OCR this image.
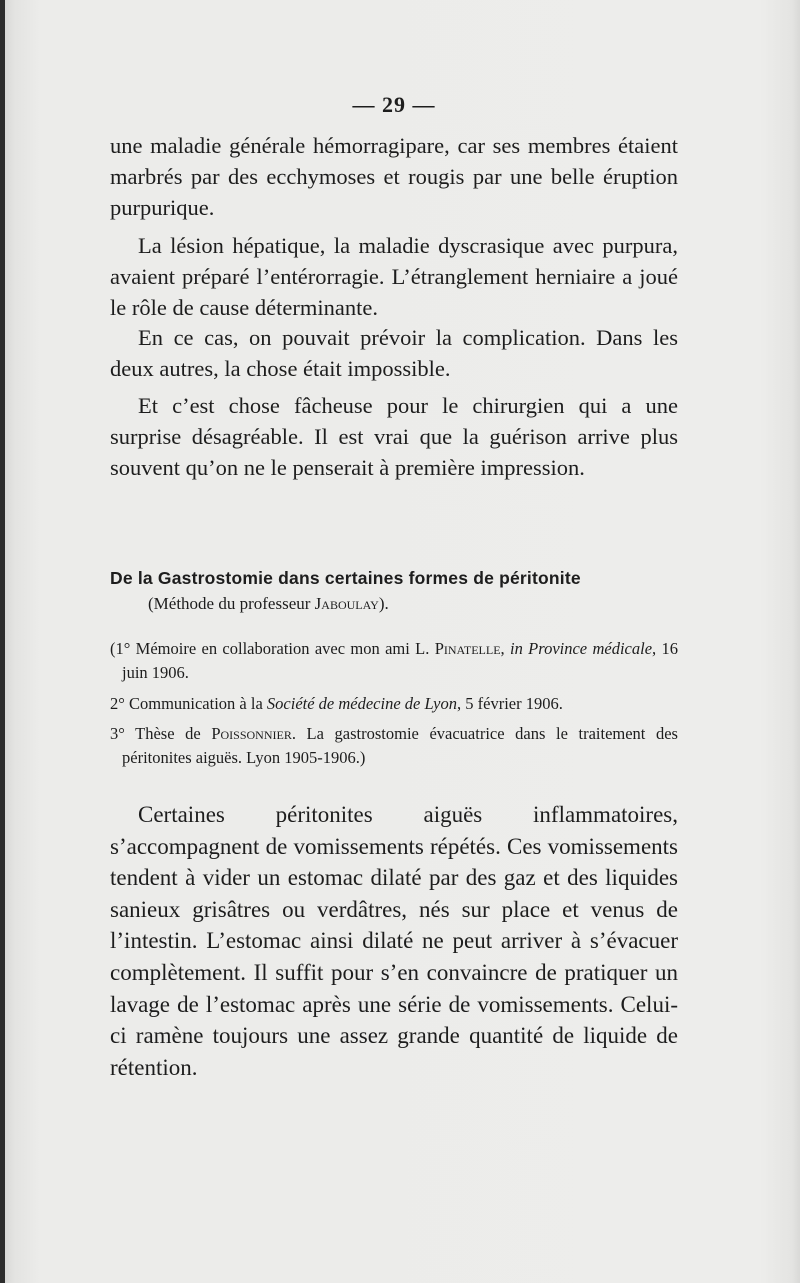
— 29 —

une maladie générale hémorragipare, car ses membres étaient marbrés par des ecchymoses et rougis par une belle éruption purpurique.

La lésion hépatique, la maladie dyscrasique avec purpura, avaient préparé l’entérorragie. L’étranglement herniaire a joué le rôle de cause déterminante.

En ce cas, on pouvait prévoir la complication. Dans les deux autres, la chose était impossible.

Et c’est chose fâcheuse pour le chirurgien qui a une surprise désagréable. Il est vrai que la guérison arrive plus souvent qu’on ne le penserait à première impression.

De la Gastrostomie dans certaines formes de péritonite
(Méthode du professeur Jaboulay).

(1° Mémoire en collaboration avec mon ami L. Pinatelle, in Province médicale, 16 juin 1906.

2° Communication à la Société de médecine de Lyon, 5 février 1906.

3° Thèse de Poissonnier. La gastrostomie évacuatrice dans le traitement des péritonites aiguës. Lyon 1905-1906.)

Certaines péritonites aiguës inflammatoires, s’accompagnent de vomissements répétés. Ces vomissements tendent à vider un estomac dilaté par des gaz et des liquides sanieux grisâtres ou verdâtres, nés sur place et venus de l’intestin. L’estomac ainsi dilaté ne peut arriver à s’évacuer complètement. Il suffit pour s’en convaincre de pratiquer un lavage de l’estomac après une série de vomissements. Celui-ci ramène toujours une assez grande quantité de liquide de rétention.
